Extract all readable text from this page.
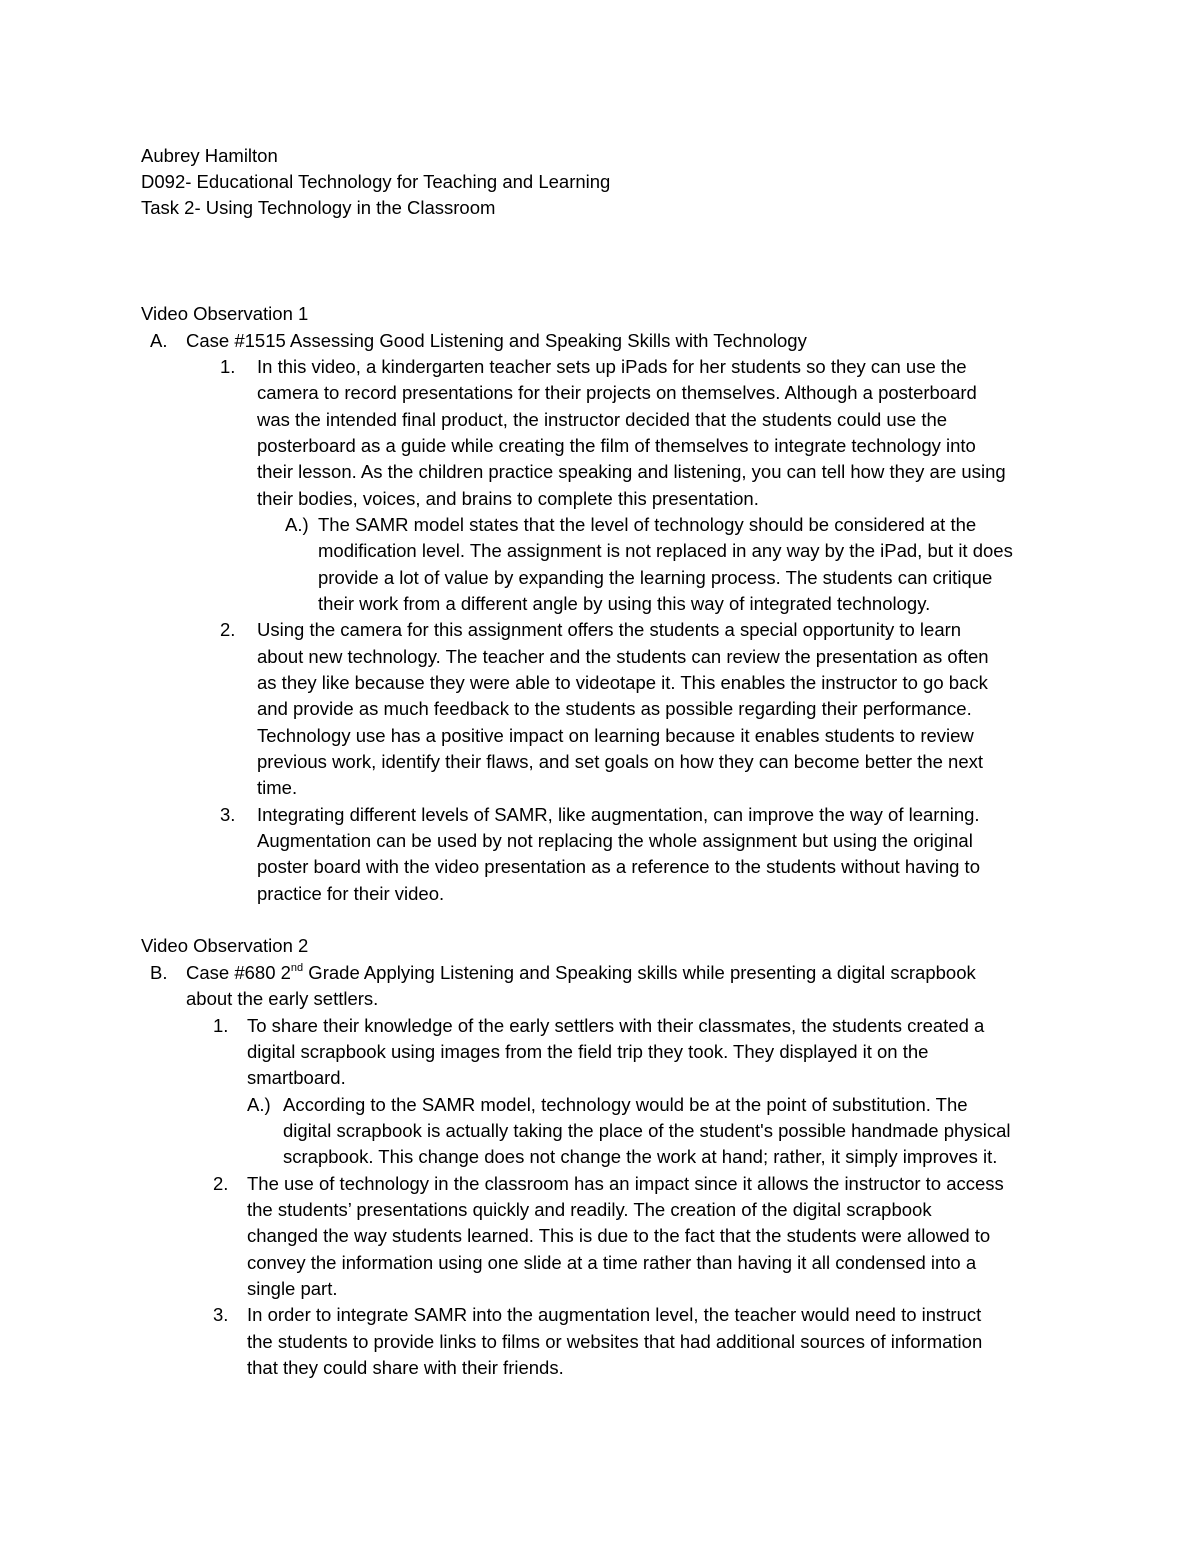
Aubrey Hamilton
D092- Educational Technology for Teaching and Learning
Task 2- Using Technology in the Classroom
Video Observation 1
A. Case #1515 Assessing Good Listening and Speaking Skills with Technology
1. In this video, a kindergarten teacher sets up iPads for her students so they can use the
camera to record presentations for their projects on themselves. Although a posterboard
was the intended final product, the instructor decided that the students could use the
posterboard as a guide while creating the film of themselves to integrate technology into
their lesson. As the children practice speaking and listening, you can tell how they are using
their bodies, voices, and brains to complete this presentation.
A.) The SAMR model states that the level of technology should be considered at the
modification level. The assignment is not replaced in any way by the iPad, but it does
provide a lot of value by expanding the learning process. The students can critique
their work from a different angle by using this way of integrated technology.
2. Using the camera for this assignment offers the students a special opportunity to learn
about new technology. The teacher and the students can review the presentation as often
as they like because they were able to videotape it. This enables the instructor to go back
and provide as much feedback to the students as possible regarding their performance.
Technology use has a positive impact on learning because it enables students to review
previous work, identify their flaws, and set goals on how they can become better the next
time.
3. Integrating different levels of SAMR, like augmentation, can improve the way of learning.
Augmentation can be used by not replacing the whole assignment but using the original
poster board with the video presentation as a reference to the students without having to
practice for their video.
Video Observation 2
B. Case #680 2nd Grade Applying Listening and Speaking skills while presenting a digital scrapbook
about the early settlers.
1. To share their knowledge of the early settlers with their classmates, the students created a
digital scrapbook using images from the field trip they took. They displayed it on the
smartboard.
A.) According to the SAMR model, technology would be at the point of substitution. The
digital scrapbook is actually taking the place of the student's possible handmade physical
scrapbook. This change does not change the work at hand; rather, it simply improves it.
2. The use of technology in the classroom has an impact since it allows the instructor to access
the students’ presentations quickly and readily. The creation of the digital scrapbook
changed the way students learned. This is due to the fact that the students were allowed to
convey the information using one slide at a time rather than having it all condensed into a
single part.
3. In order to integrate SAMR into the augmentation level, the teacher would need to instruct
the students to provide links to films or websites that had additional sources of information
that they could share with their friends.
